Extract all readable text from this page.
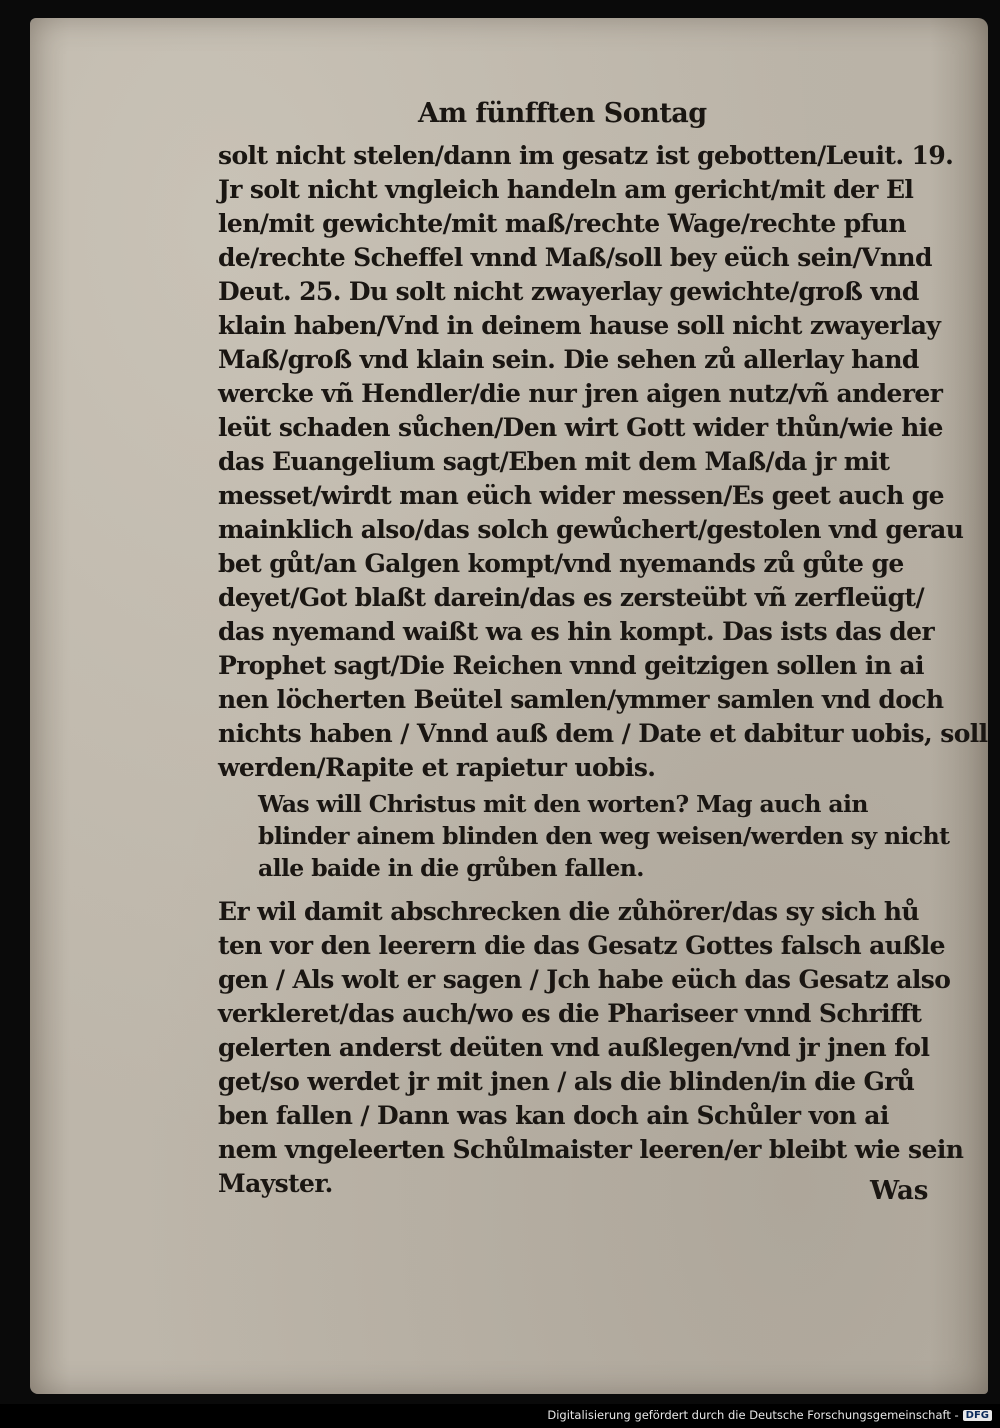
Am fünfften Sontag
solt nicht stelen/dann im gesatz ist gebotten/Leuit. 19.
Jr solt nicht vngleich handeln am gericht/mit der El
len/mit gewichte/mit maß/rechte Wage/rechte pfun
de/rechte Scheffel vnnd Maß/soll bey eüch sein/Vnnd
Deut. 25. Du solt nicht zwayerlay gewichte/groß vnd
klain haben/Vnd in deinem hause soll nicht zwayerlay
Maß/groß vnd klain sein. Die sehen zů allerlay hand
wercke vñ Hendler/die nur jren aigen nutz/vñ anderer
leüt schaden sůchen/Den wirt Gott wider thůn/wie hie
das Euangelium sagt/Eben mit dem Maß/da jr mit
messet/wirdt man eüch wider messen/Es geet auch ge
mainklich also/das solch gewůchert/gestolen vnd gerau
bet gůt/an Galgen kompt/vnd nyemands zů gůte ge
deyet/Got blaßt darein/das es zersteübt vñ zerfleügt/
das nyemand waißt wa es hin kompt. Das ists das der
Prophet sagt/Die Reichen vnnd geitzigen sollen in ai
nen löcherten Beütel samlen/ymmer samlen vnd doch
nichts haben / Vnnd auß dem / Date et dabitur uobis, soll
werden/Rapite et rapietur uobis.
Was will Christus mit den worten? Mag auch ain
blinder ainem blinden den weg weisen/werden sy nicht
alle baide in die grůben fallen.
Er wil damit abschrecken die zůhörer/das sy sich hů
ten vor den leerern die das Gesatz Gottes falsch außle
gen / Als wolt er sagen / Jch habe eüch das Gesatz also
verkleret/das auch/wo es die Phariseer vnnd Schrifft
gelerten anderst deüten vnd außlegen/vnd jr jnen fol
get/so werdet jr mit jnen / als die blinden/in die Grů
ben fallen / Dann was kan doch ain Schůler von ai
nem vngeleerten Schůlmaister leeren/er bleibt wie sein
Mayster.	Was
Digitalisierung gefördert durch die Deutsche Forschungsgemeinschaft - DFG
